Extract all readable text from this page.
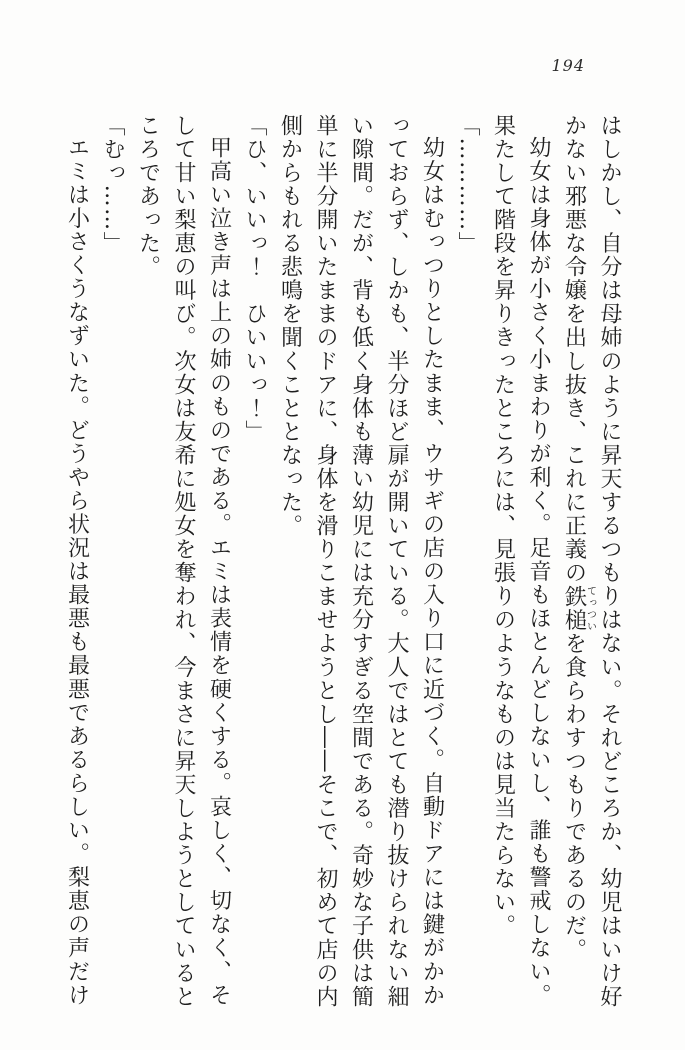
194

はしかし、自分は母姉のように昇天するつもりはない。それどころか、幼児はいけ好かない邪悪な令嬢を出し抜き、これに正義の鉄槌てっついを食らわすつもりであるのだ。

幼女は身体が小さく小まわりが利く。足音もほとんどしないし、誰も警戒しない。果たして階段を昇りきったところには、見張りのようなものは見当たらない。

「…………」

幼女はむっつりとしたまま、ウサギの店の入り口に近づく。自動ドアには鍵がかかっておらず、しかも、半分ほど扉が開いている。大人ではとても潜り抜けられない細い隙間。だが、背も低く身体も薄い幼児には充分すぎる空間である。奇妙な子供は簡単に半分開いたままのドアに、身体を滑りこませようとし――そこで、初めて店の内側からもれる悲鳴を聞くこととなった。

「ひ、いいっ！　ひいいっ！」

甲高い泣き声は上の姉のものである。エミは表情を硬くする。哀しく、切なく、そして甘い梨恵の叫び。次女は友希に処女を奪われ、今まさに昇天しようとしているところであった。

「むっ……」

エミは小さくうなずいた。どうやら状況は最悪も最悪であるらしい。梨恵の声だけ
